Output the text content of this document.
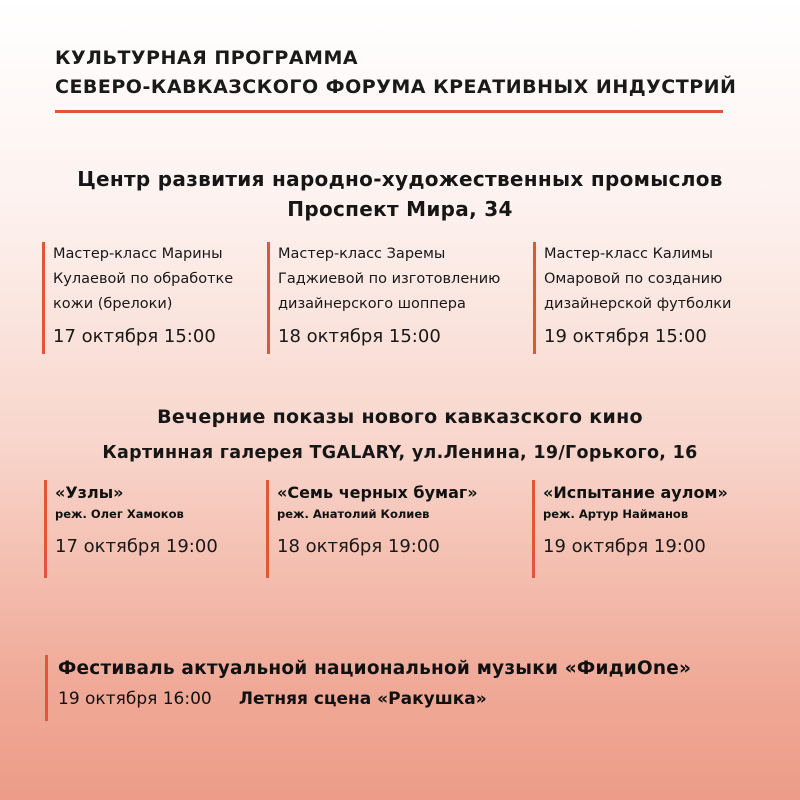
КУЛЬТУРНАЯ ПРОГРАММА
СЕВЕРО-КАВКАЗСКОГО ФОРУМА КРЕАТИВНЫХ ИНДУСТРИЙ
Центр развития народно-художественных промыслов
Проспект Мира, 34
Мастер-класс Марины
Кулаевой по обработке
кожи (брелоки)
17 октября 15:00
Мастер-класс Заремы
Гаджиевой по изготовлению
дизайнерского шоппера
18 октября 15:00
Мастер-класс Калимы
Омаровой по созданию
дизайнерской футболки
19 октября 15:00
Вечерние показы нового кавказского кино
Картинная галерея TGALARY, ул.Ленина, 19/Горького, 16
«Узлы»
реж. Олег Хамоков
17 октября 19:00
«Семь черных бумаг»
реж. Анатолий Колиев
18 октября 19:00
«Испытание аулом»
реж. Артур Найманов
19 октября 19:00
Фестиваль актуальной национальной музыки «ФидиОne»
19 октября 16:00 Летняя сцена «Ракушка»
